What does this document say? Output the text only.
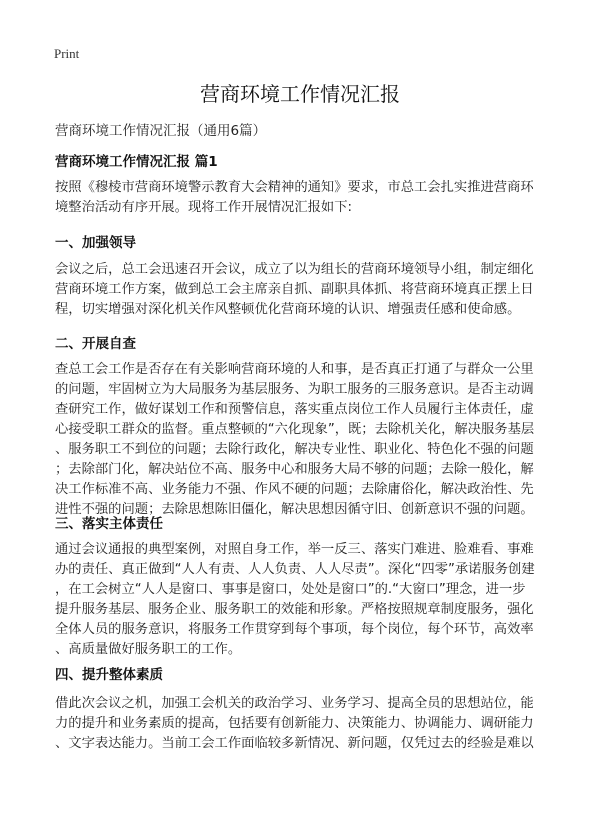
Print
营商环境工作情况汇报
营商环境工作情况汇报（通用6篇）
营商环境工作情况汇报 篇1
按照《穆棱市营商环境警示教育大会精神的通知》要求，市总工会扎实推进营商环
境整治活动有序开展。现将工作开展情况汇报如下:
一、加强领导
会议之后，总工会迅速召开会议，成立了以为组长的营商环境领导小组，制定细化
营商环境工作方案，做到总工会主席亲自抓、副职具体抓、将营商环境真正摆上日
程，切实增强对深化机关作风整顿优化营商环境的认识、增强责任感和使命感。
二、开展自查
查总工会工作是否存在有关影响营商环境的人和事，是否真正打通了与群众一公里
的问题，牢固树立为大局服务为基层服务、为职工服务的三服务意识。是否主动调
查研究工作，做好谋划工作和预警信息，落实重点岗位工作人员履行主体责任，虚
心接受职工群众的监督。重点整顿的“六化现象”，既；去除机关化，解决服务基层
、服务职工不到位的问题；去除行政化，解决专业性、职业化、特色化不强的问题
；去除部门化，解决站位不高、服务中心和服务大局不够的问题；去除一般化，解
决工作标准不高、业务能力不强、作风不硬的问题；去除庸俗化，解决政治性、先
进性不强的问题；去除思想陈旧僵化，解决思想因循守旧、创新意识不强的问题。
三、落实主体责任
通过会议通报的典型案例，对照自身工作，举一反三、落实门难进、脸难看、事难
办的责任、真正做到“人人有责、人人负责、人人尽责”。深化“四零”承诺服务创建
，在工会树立“人人是窗口、事事是窗口，处处是窗口”的.“大窗口”理念，进一步
提升服务基层、服务企业、服务职工的效能和形象。严格按照规章制度服务，强化
全体人员的服务意识，将服务工作贯穿到每个事项，每个岗位，每个环节，高效率
、高质量做好服务职工的工作。
四、提升整体素质
借此次会议之机，加强工会机关的政治学习、业务学习、提高全员的思想站位，能
力的提升和业务素质的提高，包括要有创新能力、决策能力、协调能力、调研能力
、文字表达能力。当前工会工作面临较多新情况、新问题，仅凭过去的经验是难以
